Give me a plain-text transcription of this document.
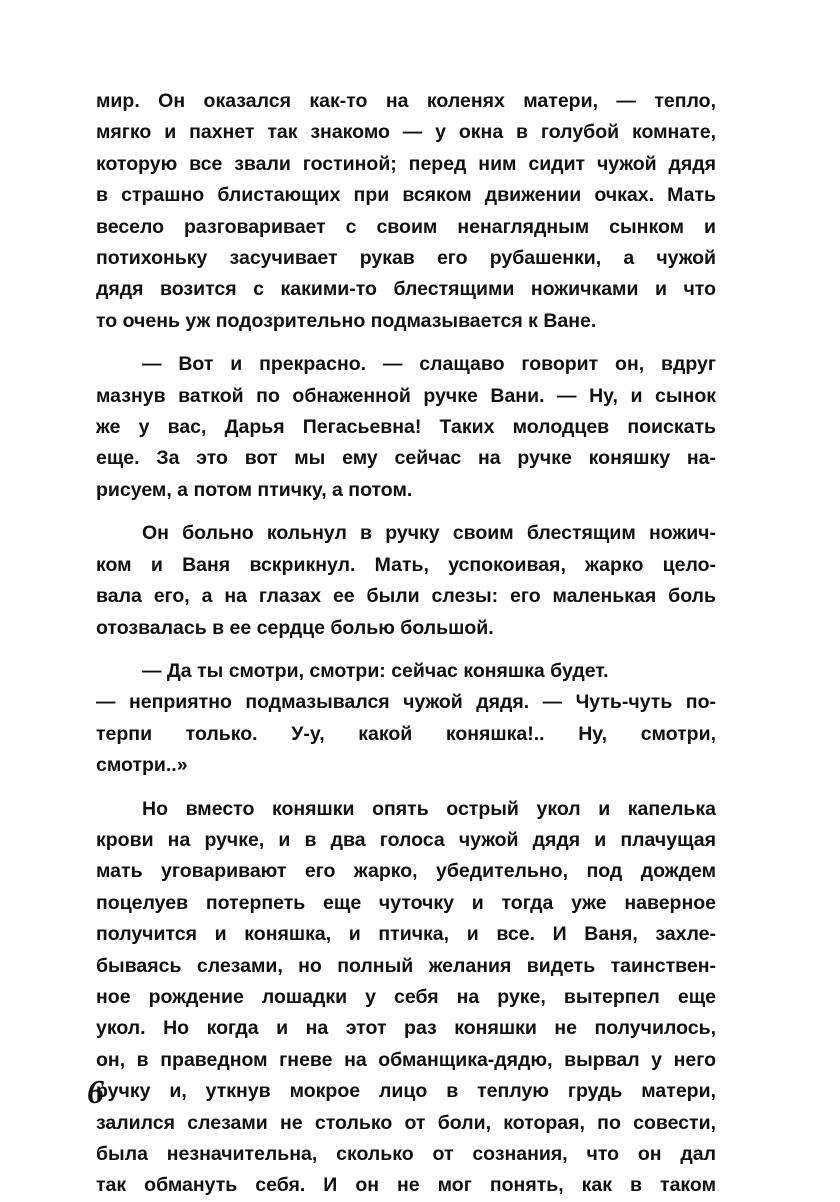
мир. Он оказался как-то на коленях матери, — тепло,
мягко и пахнет так знакомо — у окна в голубой комнате,
которую все звали гостиной; перед ним сидит чужой дядя
в страшно блистающих при всяком движении очках. Мать
весело разговаривает с своим ненаглядным сынком и
потихоньку засучивает рукав его рубашенки, а чужой
дядя возится с какими-то блестящими ножичками и что
то очень уж подозрительно подмазывается к Ване.

— Вот и прекрасно. — слащаво говорит он, вдруг
мазнув ваткой по обнаженной ручке Вани. — Ну, и сынок
же у вас, Дарья Пегасьевна! Таких молодцев поискать
еще. За это вот мы ему сейчас на ручке коняшку на-
рисуем, а потом птичку, а потом.

Он больно кольнул в ручку своим блестящим ножич-
ком и Ваня вскрикнул. Мать, успокоивая, жарко цело-
вала его, а на глазах ее были слезы: его маленькая боль
отозвалась в ее сердце болью большой.

— Да ты смотри, смотри: сейчас коняшка будет.
— неприятно подмазывался чужой дядя. — Чуть-чуть по-
терпи только. У-у, какой коняшка!.. Ну, смотри,
смотри..»

Но вместо коняшки опять острый укол и капелька
крови на ручке, и в два голоса чужой дядя и плачущая
мать уговаривают его жарко, убедительно, под дождем
поцелуев потерпеть еще чуточку и тогда уже наверное
получится и коняшка, и птичка, и все. И Ваня, захле-
бываясь слезами, но полный желания видеть таинствен-
ное рождение лошадки у себя на руке, вытерпел еще
укол. Но когда и на этот раз коняшки не получилось,
он, в праведном гневе на обманщика-дядю, вырвал у него
ручку и, уткнув мокрое лицо в теплую грудь матери,
залился слезами не столько от боли, которая, по совести,
была незначительна, сколько от сознания, что он дал
так обмануть себя. И он не мог понять, как в таком

6
